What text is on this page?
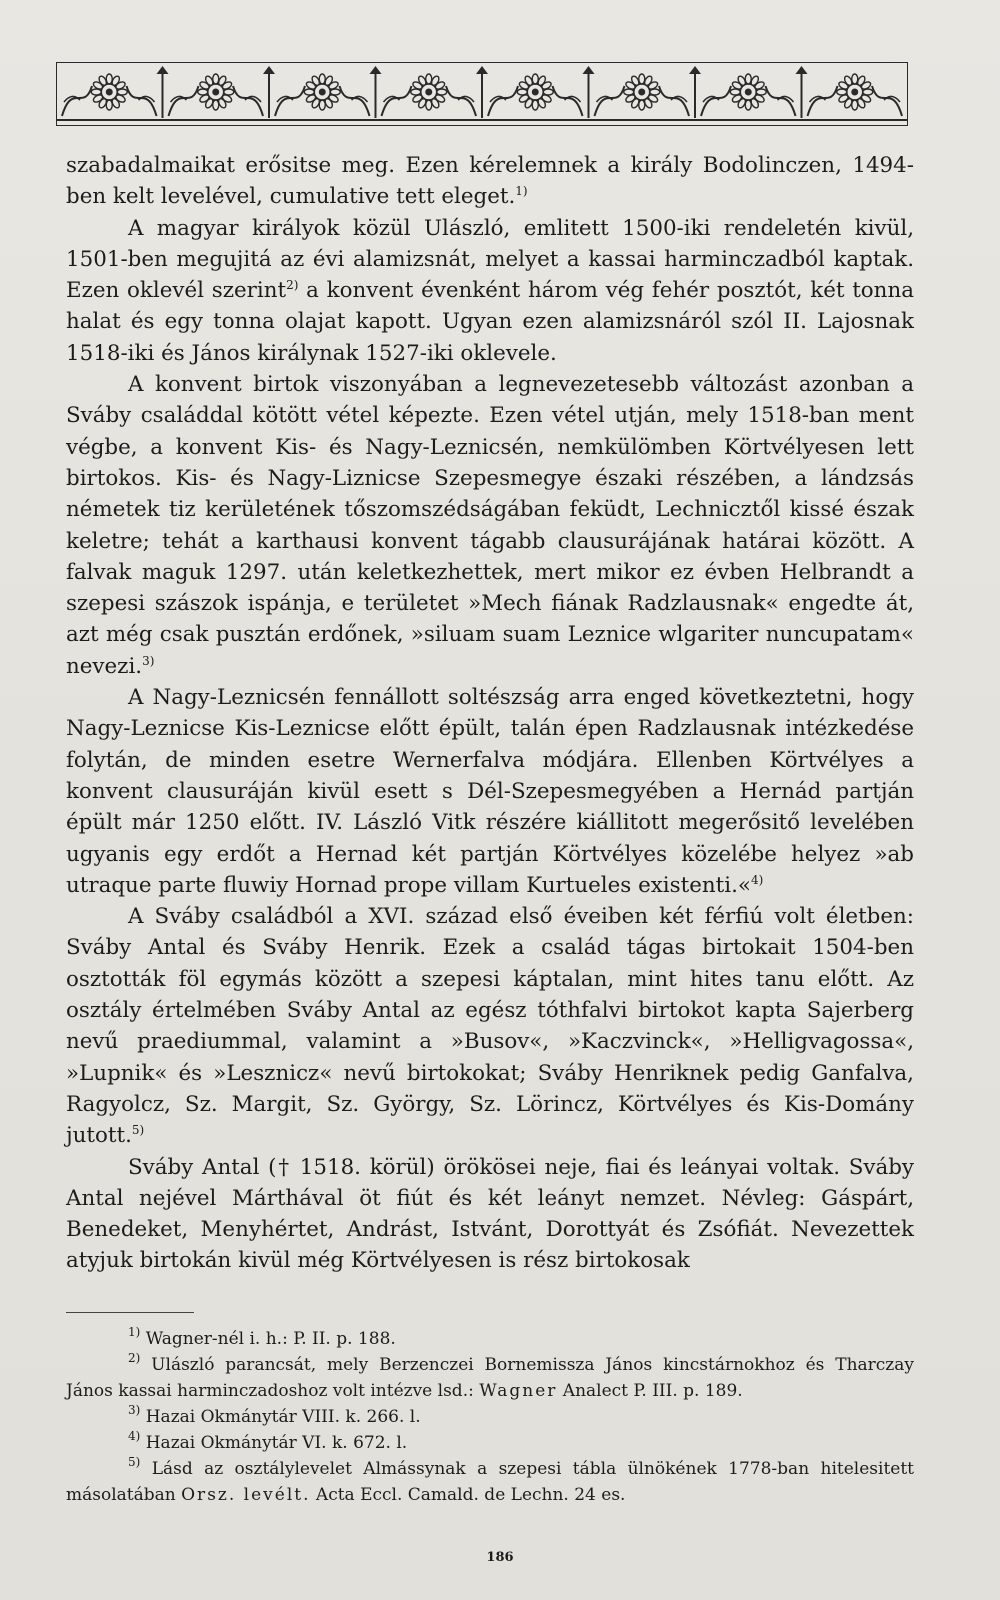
szabadalmaikat erősitse meg. Ezen kérelemnek a király Bodolinczen, 1494-ben kelt levelével, cumulative tett eleget.$^{1)}$

A magyar királyok közül Ulászló, emlitett 1500-iki rendeletén kivül, 1501-ben megujitá az évi alamizsnát, melyet a kassai harminczadból kaptak. Ezen oklevél szerint$^{2)}$ a konvent évenként három vég fehér posztót, két tonna halat és egy tonna olajat kapott. Ugyan ezen alamizsnáról szól II. Lajosnak 1518-iki és János királynak 1527-iki oklevele.

A konvent birtok viszonyában a legnevezetesebb változást azonban a Sváby családdal kötött vétel képezte. Ezen vétel utján, mely 1518-ban ment végbe, a konvent Kis- és Nagy-Leznicsén, nemkülömben Körtvélyesen lett birtokos. Kis- és Nagy-Liznicse Szepesmegye északi részében, a lándzsás németek tiz kerületének tőszomszédságában feküdt, Lechnicztől kissé észak keletre; tehát a karthausi konvent tágabb clausurájának határai között. A falvak maguk 1297. után keletkezhettek, mert mikor ez évben Helbrandt a szepesi szászok ispánja, e területet »Mech fiának Radzlausnak« engedte át, azt még csak pusztán erdőnek, »siluam suam Leznice wlgariter nuncupatam« nevezi.$^{3)}$

A Nagy-Leznicsén fennállott soltészság arra enged következtetni, hogy Nagy-Leznicse Kis-Leznicse előtt épült, talán épen Radzlausnak intézkedése folytán, de minden esetre Wernerfalva módjára. Ellenben Körtvélyes a konvent clausuráján kivül esett s Dél-Szepesmegyében a Hernád partján épült már 1250 előtt. IV. László Vitk részére kiállitott megerősitő levelében ugyanis egy erdőt a Hernad két partján Körtvélyes közelébe helyez »ab utraque parte fluwiy Hornad prope villam Kurtueles existenti.«$^{4)}$

A Sváby családból a XVI. század első éveiben két férfiú volt életben: Sváby Antal és Sváby Henrik. Ezek a család tágas birtokait 1504-ben osztották föl egymás között a szepesi káptalan, mint hites tanu előtt. Az osztály értelmében Sváby Antal az egész tóthfalvi birtokot kapta Sajerberg nevű praediummal, valamint a »Busov«, »Kaczvinck«, »Helligvagossa«, »Lupnik« és »Lesznicz« nevű birtokokat; Sváby Henriknek pedig Ganfalva, Ragyolcz, Sz. Margit, Sz. György, Sz. Lörincz, Körtvélyes és Kis-Domány jutott.$^{5)}$

Sváby Antal († 1518. körül) örökösei neje, fiai és leányai voltak. Sváby Antal nejével Márthával öt fiút és két leányt nemzet. Névleg: Gáspárt, Benedeket, Menyhértet, Andrást, Istvánt, Dorottyát és Zsófiát. Nevezettek atyjuk birtokán kivül még Körtvélyesen is rész birtokosak

$^{1)}$ Wagner-nél i. h.: P. II. p. 188.

$^{2)}$ Ulászló parancsát, mely Berzenczei Bornemissza János kincstárnokhoz és Tharczay János kassai harminczadoshoz volt intézve lsd.: Wagner Analect P. III. p. 189.

$^{3)}$ Hazai Okmánytár VIII. k. 266. l.

$^{4)}$ Hazai Okmánytár VI. k. 672. l.

$^{5)}$ Lásd az osztálylevelet Almássynak a szepesi tábla ülnökének 1778-ban hitelesitett másolatában Orsz. levélt. Acta Eccl. Camald. de Lechn. 24 es.

186
